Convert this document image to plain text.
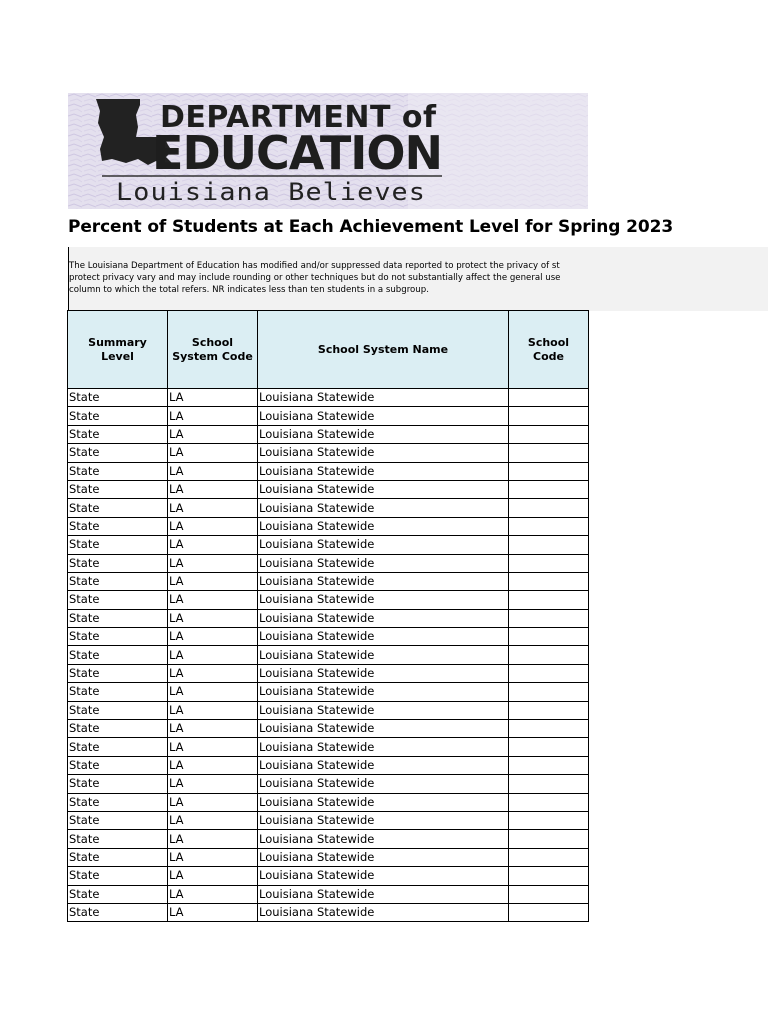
DEPARTMENT of
EDUCATION
Louisiana Believes
Percent of Students at Each Achievement Level for Spring 2023
The Louisiana Department of Education has modified and/or suppressed data reported to protect the privacy of st
protect privacy vary and may include rounding or other techniques but do not substantially affect the general use
column to which the total refers. NR indicates less than ten students in a subgroup.
Summary Level	School System Code	School System Name	School Code
State	LA	Louisiana Statewide	
State	LA	Louisiana Statewide	
State	LA	Louisiana Statewide	
State	LA	Louisiana Statewide	
State	LA	Louisiana Statewide	
State	LA	Louisiana Statewide	
State	LA	Louisiana Statewide	
State	LA	Louisiana Statewide	
State	LA	Louisiana Statewide	
State	LA	Louisiana Statewide	
State	LA	Louisiana Statewide	
State	LA	Louisiana Statewide	
State	LA	Louisiana Statewide	
State	LA	Louisiana Statewide	
State	LA	Louisiana Statewide	
State	LA	Louisiana Statewide	
State	LA	Louisiana Statewide	
State	LA	Louisiana Statewide	
State	LA	Louisiana Statewide	
State	LA	Louisiana Statewide	
State	LA	Louisiana Statewide	
State	LA	Louisiana Statewide	
State	LA	Louisiana Statewide	
State	LA	Louisiana Statewide	
State	LA	Louisiana Statewide	
State	LA	Louisiana Statewide	
State	LA	Louisiana Statewide	
State	LA	Louisiana Statewide	
State	LA	Louisiana Statewide	
